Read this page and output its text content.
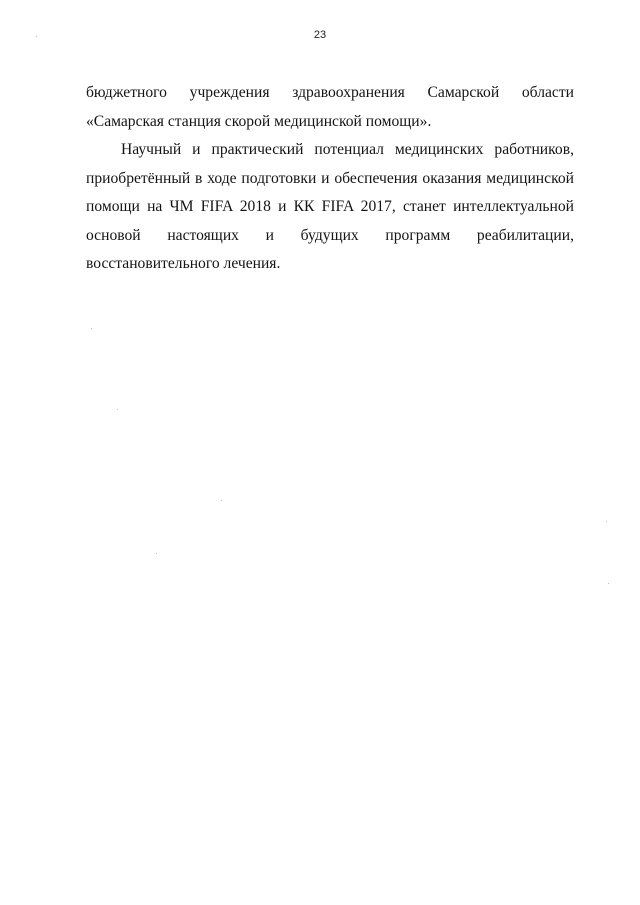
23

бюджетного учреждения здравоохранения Самарской области «Самарская станция скорой медицинской помощи».

Научный и практический потенциал медицинских работников, приобретённый в ходе подготовки и обеспечения оказания медицинской помощи на ЧМ FIFA 2018 и КК FIFA 2017, станет интеллектуальной основой настоящих и будущих программ реабилитации, восстановительного лечения.
